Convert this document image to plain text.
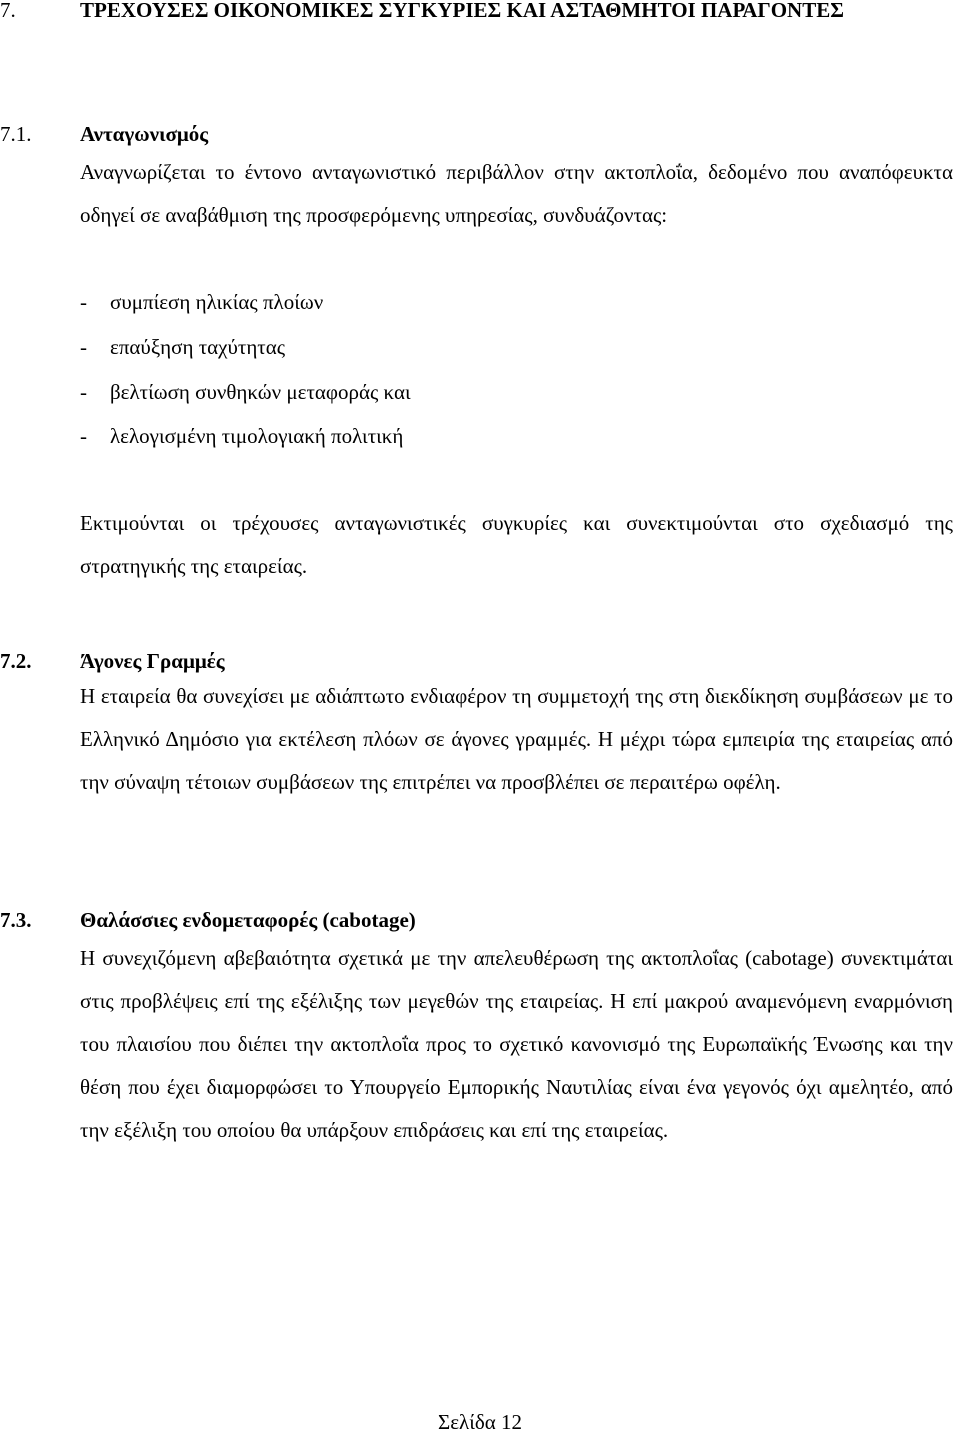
7.	ΤΡΕΧΟΥΣΕΣ ΟΙΚΟΝΟΜΙΚΕΣ ΣΥΓΚΥΡΙΕΣ ΚΑΙ ΑΣΤΑΘΜΗΤΟΙ ΠΑΡΑΓΟΝΤΕΣ
7.1. Ανταγωνισμός

Αναγνωρίζεται το έντονο ανταγωνιστικό περιβάλλον στην ακτοπλοΐα, δεδομένο που αναπόφευκτα οδηγεί σε αναβάθμιση της προσφερόμενης υπηρεσίας, συνδυάζοντας:

- συμπίεση ηλικίας πλοίων
- επαύξηση ταχύτητας
- βελτίωση συνθηκών μεταφοράς και
- λελογισμένη τιμολογιακή πολιτική

Εκτιμούνται οι τρέχουσες ανταγωνιστικές συγκυρίες και συνεκτιμούνται στο σχεδιασμό της στρατηγικής της εταιρείας.

7.2. Άγονες Γραμμές

Η εταιρεία θα συνεχίσει με αδιάπτωτο ενδιαφέρον τη συμμετοχή της στη διεκδίκηση συμβάσεων με το Ελληνικό Δημόσιο για εκτέλεση πλόων σε άγονες γραμμές. Η μέχρι τώρα εμπειρία της εταιρείας από την σύναψη τέτοιων συμβάσεων της επιτρέπει να προσβλέπει σε περαιτέρω οφέλη.

7.3. Θαλάσσιες ενδομεταφορές (cabotage)

Η συνεχιζόμενη αβεβαιότητα σχετικά με την απελευθέρωση της ακτοπλοΐας (cabotage) συνεκτιμάται στις προβλέψεις επί της εξέλιξης των μεγεθών της εταιρείας. Η επί μακρού αναμενόμενη εναρμόνιση του πλαισίου που διέπει την ακτοπλοΐα προς το σχετικό κανονισμό της Ευρωπαϊκής Ένωσης και την θέση που έχει διαμορφώσει το Υπουργείο Εμπορικής Ναυτιλίας είναι ένα γεγονός όχι αμελητέο, από την εξέλιξη του οποίου θα υπάρξουν επιδράσεις και επί της εταιρείας.

Σελίδα 12
